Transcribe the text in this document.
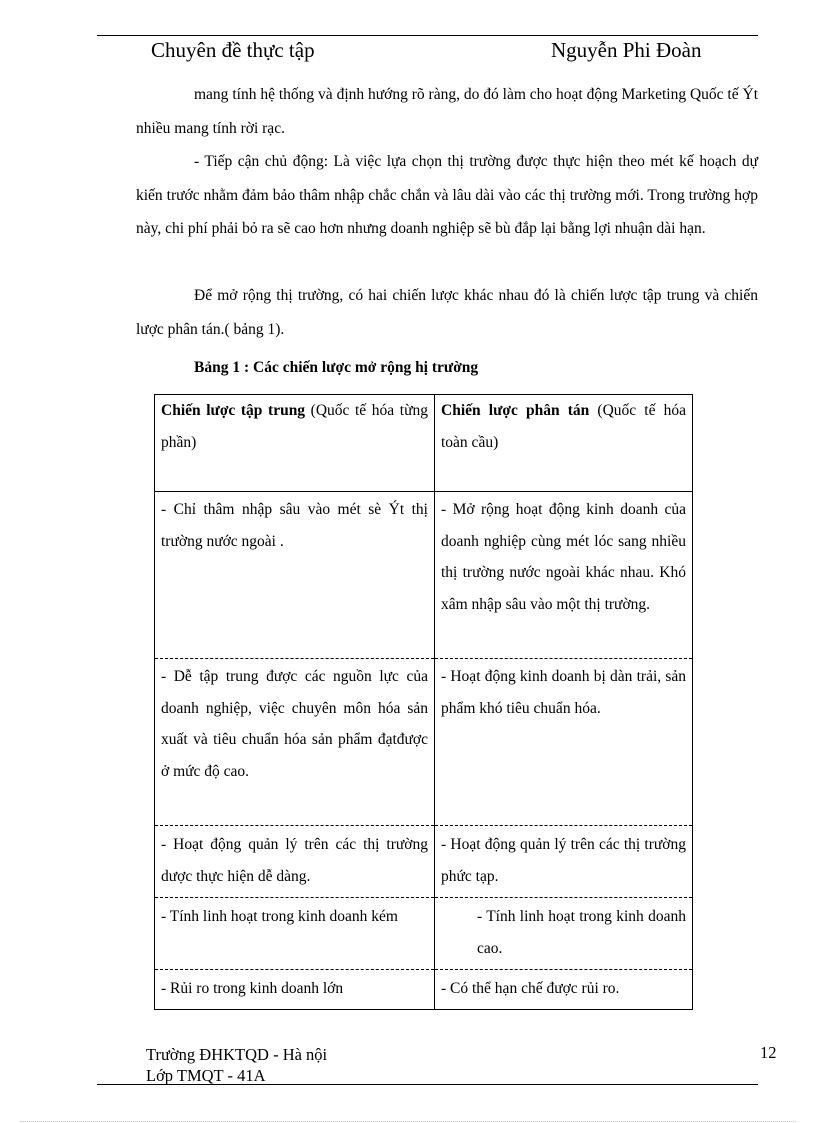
Chuyên đề thực tập	Nguyễn Phi Đoàn

mang tính hệ thống và định hướng rõ ràng, do đó làm cho hoạt động Marketing Quốc tế Ýt nhiều mang tính rời rạc.

- Tiếp cận chủ động: Là việc lựa chọn thị trường được thực hiện theo mét kế hoạch dự kiến trước nhằm đảm bảo thâm nhập chắc chắn và lâu dài vào các thị trường mới. Trong trường hợp này, chi phí phải bỏ ra sẽ cao hơn nhưng doanh nghiệp sẽ bù đắp lại bằng lợi nhuận dài hạn.

Để mở rộng thị trường, có hai chiến lược khác nhau đó là chiến lược tập trung và chiến lược phân tán.( bảng 1).

Bảng 1 : Các chiến lược mở rộng hị trường
Chiến lược tập trung (Quốc tế hóa từng phần)	Chiến lược phân tán (Quốc tế hóa toàn cầu)
- Chỉ thâm nhập sâu vào mét sè Ýt thị trường nước ngoài .	- Mở rộng hoạt động kinh doanh của doanh nghiệp cùng mét lóc sang nhiều thị trường nước ngoài khác nhau. Khó xâm nhập sâu vào một thị trường.
- Dễ tập trung được các nguồn lực của doanh nghiệp, việc chuyên môn hóa sản xuất và tiêu chuẩn hóa sản phẩm đạtđược ở mức độ cao.	- Hoạt động kinh doanh bị dàn trải, sản phẩm khó tiêu chuẩn hóa.
- Hoạt động quản lý trên các thị trường dược thực hiện dễ dàng.	- Hoạt động quản lý trên các thị trường phức tạp.
- Tính linh hoạt trong kinh doanh kém	- Tính linh hoạt trong kinh doanh cao.
- Rủi ro trong kinh doanh lớn	- Có thể hạn chế được rủi ro.
Trường ĐHKTQD - Hà nội
Lớp TMQT - 41A
12
